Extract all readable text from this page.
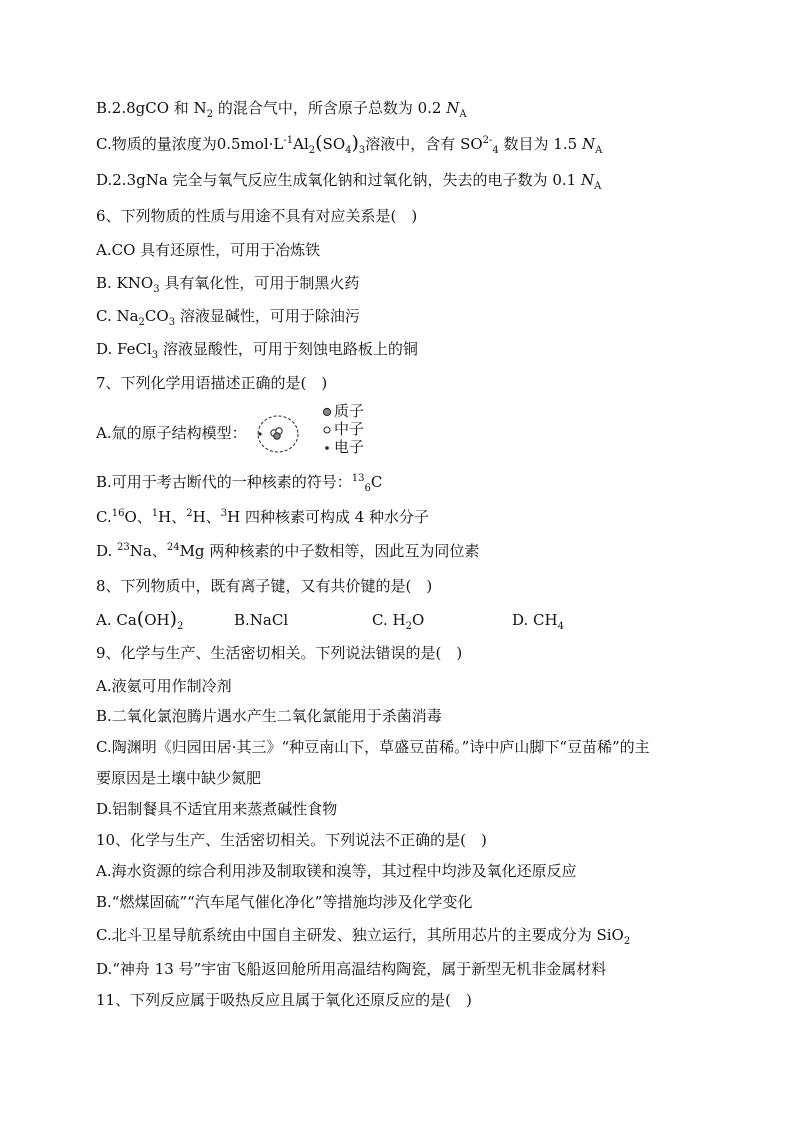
B.2.8gCO 和 $N_2$ 的混合气中，所含原子总数为 0.2 $N_A$
C.物质的量浓度为$0.5mol\cdot L^{-1}Al_2(SO_4)_3$溶液中，含有 $SO^{2-}_4$ 数目为 1.5 $N_A$
D.2.3gNa 完全与氧气反应生成氧化钠和过氧化钠，失去的电子数为 0.1 $N_A$
6、下列物质的性质与用途不具有对应关系是(　)
A.CO 具有还原性，可用于冶炼铁
B. $KNO_3$ 具有氧化性，可用于制黑火药
C. $Na_2CO_3$ 溶液显碱性，可用于除油污
D. FeCl$_3$ 溶液显酸性，可用于刻蚀电路板上的铜
7、下列化学用语描述正确的是(　)
A.氚的原子结构模型：
质子
中子
电子
B.可用于考古断代的一种核素的符号：$^{13}_6$C
C.$^{16}$O、$^1$H、$^2$H、$^3$H 四种核素可构成 4 种水分子
D. $^{23}$Na、$^{24}$Mg 两种核素的中子数相等，因此互为同位素
8、下列物质中，既有离子键，又有共价键的是(　)
A. $Ca(OH)_2$	B.NaCl	C. $H_2O$	D. $CH_4$
9、化学与生产、生活密切相关。下列说法错误的是(　)
A.液氨可用作制冷剂
B.二氧化氯泡腾片遇水产生二氧化氯能用于杀菌消毒
C.陶渊明《归园田居·其三》“种豆南山下，草盛豆苗稀。”诗中庐山脚下“豆苗稀”的主
要原因是土壤中缺少氮肥
D.铝制餐具不适宜用来蒸煮碱性食物
10、化学与生产、生活密切相关。下列说法不正确的是(　)
A.海水资源的综合利用涉及制取镁和溴等，其过程中均涉及氧化还原反应
B.“燃煤固硫”“汽车尾气催化净化”等措施均涉及化学变化
C.北斗卫星导航系统由中国自主研发、独立运行，其所用芯片的主要成分为 SiO$_2$
D.“神舟 13 号”宇宙飞船返回舱所用高温结构陶瓷，属于新型无机非金属材料
11、下列反应属于吸热反应且属于氧化还原反应的是(　)
